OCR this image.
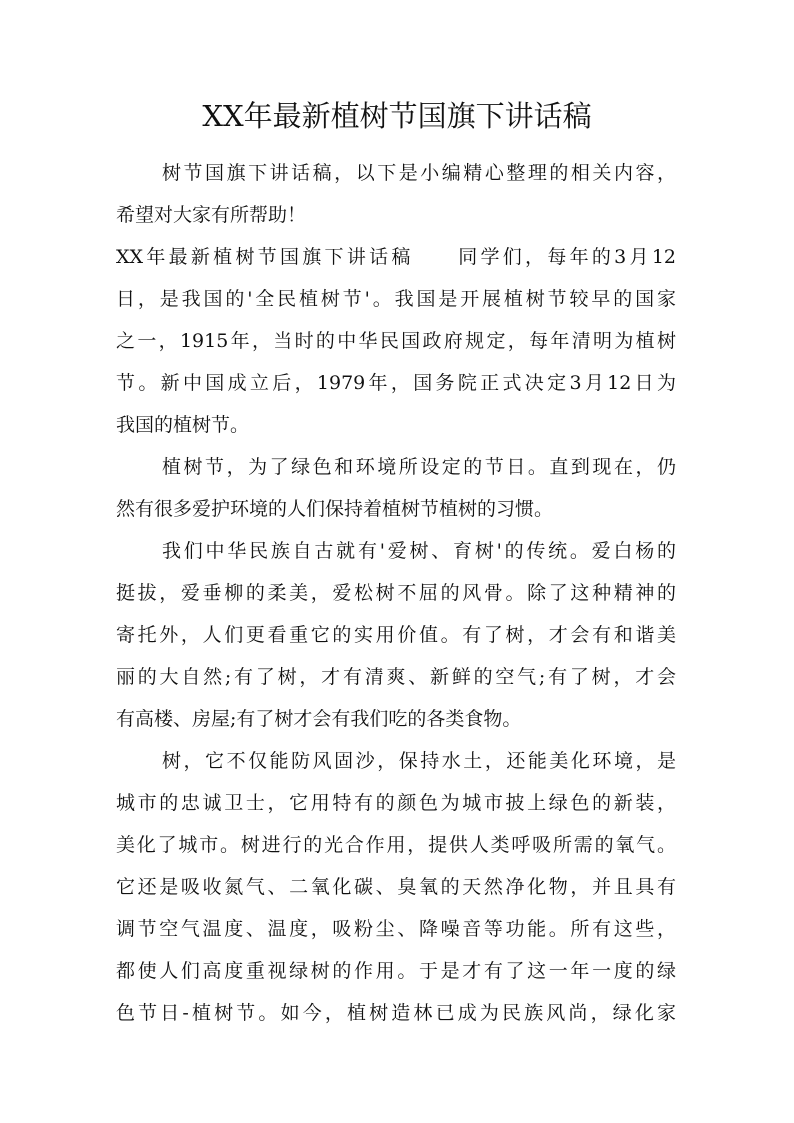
XX年最新植树节国旗下讲话稿
树节国旗下讲话稿，以下是小编精心整理的相关内容，
希望对大家有所帮助！
XX年最新植树节国旗下讲话稿　　同学们，每年的3月12
日，是我国的'全民植树节'。我国是开展植树节较早的国家
之一，1915年，当时的中华民国政府规定，每年清明为植树
节。新中国成立后，1979年，国务院正式决定3月12日为
我国的植树节。
植树节，为了绿色和环境所设定的节日。直到现在，仍
然有很多爱护环境的人们保持着植树节植树的习惯。
我们中华民族自古就有'爱树、育树'的传统。爱白杨的
挺拔，爱垂柳的柔美，爱松树不屈的风骨。除了这种精神的
寄托外，人们更看重它的实用价值。有了树，才会有和谐美
丽的大自然;有了树，才有清爽、新鲜的空气;有了树，才会
有高楼、房屋;有了树才会有我们吃的各类食物。
树，它不仅能防风固沙，保持水土，还能美化环境，是
城市的忠诚卫士，它用特有的颜色为城市披上绿色的新装，
美化了城市。树进行的光合作用，提供人类呼吸所需的氧气。
它还是吸收氮气、二氧化碳、臭氧的天然净化物，并且具有
调节空气温度、温度，吸粉尘、降噪音等功能。所有这些，
都使人们高度重视绿树的作用。于是才有了这一年一度的绿
色节日-植树节。如今，植树造林已成为民族风尚，绿化家
